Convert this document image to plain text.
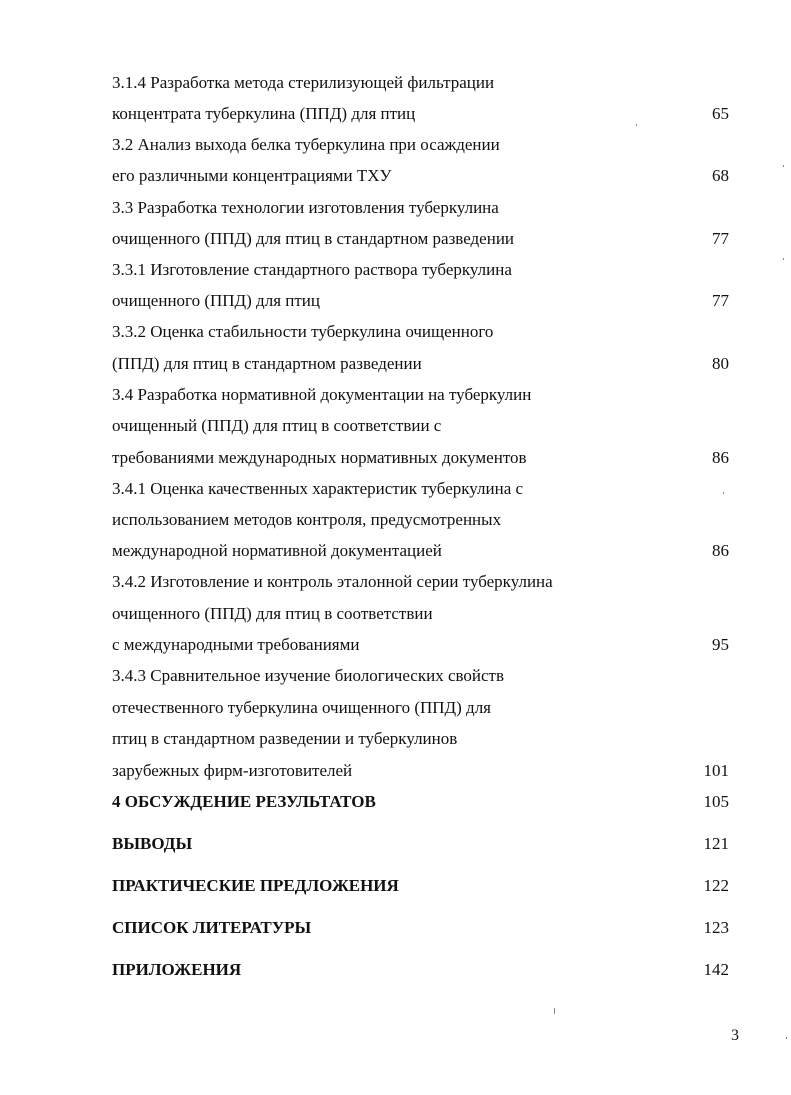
3.1.4 Разработка метода стерилизующей фильтрации
концентрата туберкулина (ППД) для птиц	65
3.2 Анализ выхода белка туберкулина при осаждении
его различными концентрациями ТХУ	68
3.3 Разработка технологии изготовления туберкулина
очищенного (ППД) для птиц в стандартном разведении	77
3.3.1 Изготовление стандартного раствора туберкулина
очищенного (ППД) для птиц	77
3.3.2 Оценка стабильности туберкулина очищенного
(ППД) для птиц в стандартном разведении	80
3.4 Разработка нормативной документации на туберкулин
очищенный (ППД) для птиц в соответствии с
требованиями международных нормативных документов	86
3.4.1 Оценка качественных характеристик туберкулина с
использованием методов контроля, предусмотренных
международной нормативной документацией	86
3.4.2 Изготовление и контроль эталонной серии туберкулина
очищенного (ППД) для птиц в соответствии
с международными требованиями	95
3.4.3 Сравнительное изучение биологических свойств
отечественного туберкулина очищенного (ППД) для
птиц в стандартном разведении и туберкулинов
зарубежных фирм-изготовителей	101
4 ОБСУЖДЕНИЕ РЕЗУЛЬТАТОВ	105
ВЫВОДЫ	121
ПРАКТИЧЕСКИЕ ПРЕДЛОЖЕНИЯ	122
СПИСОК ЛИТЕРАТУРЫ	123
ПРИЛОЖЕНИЯ	142
3
